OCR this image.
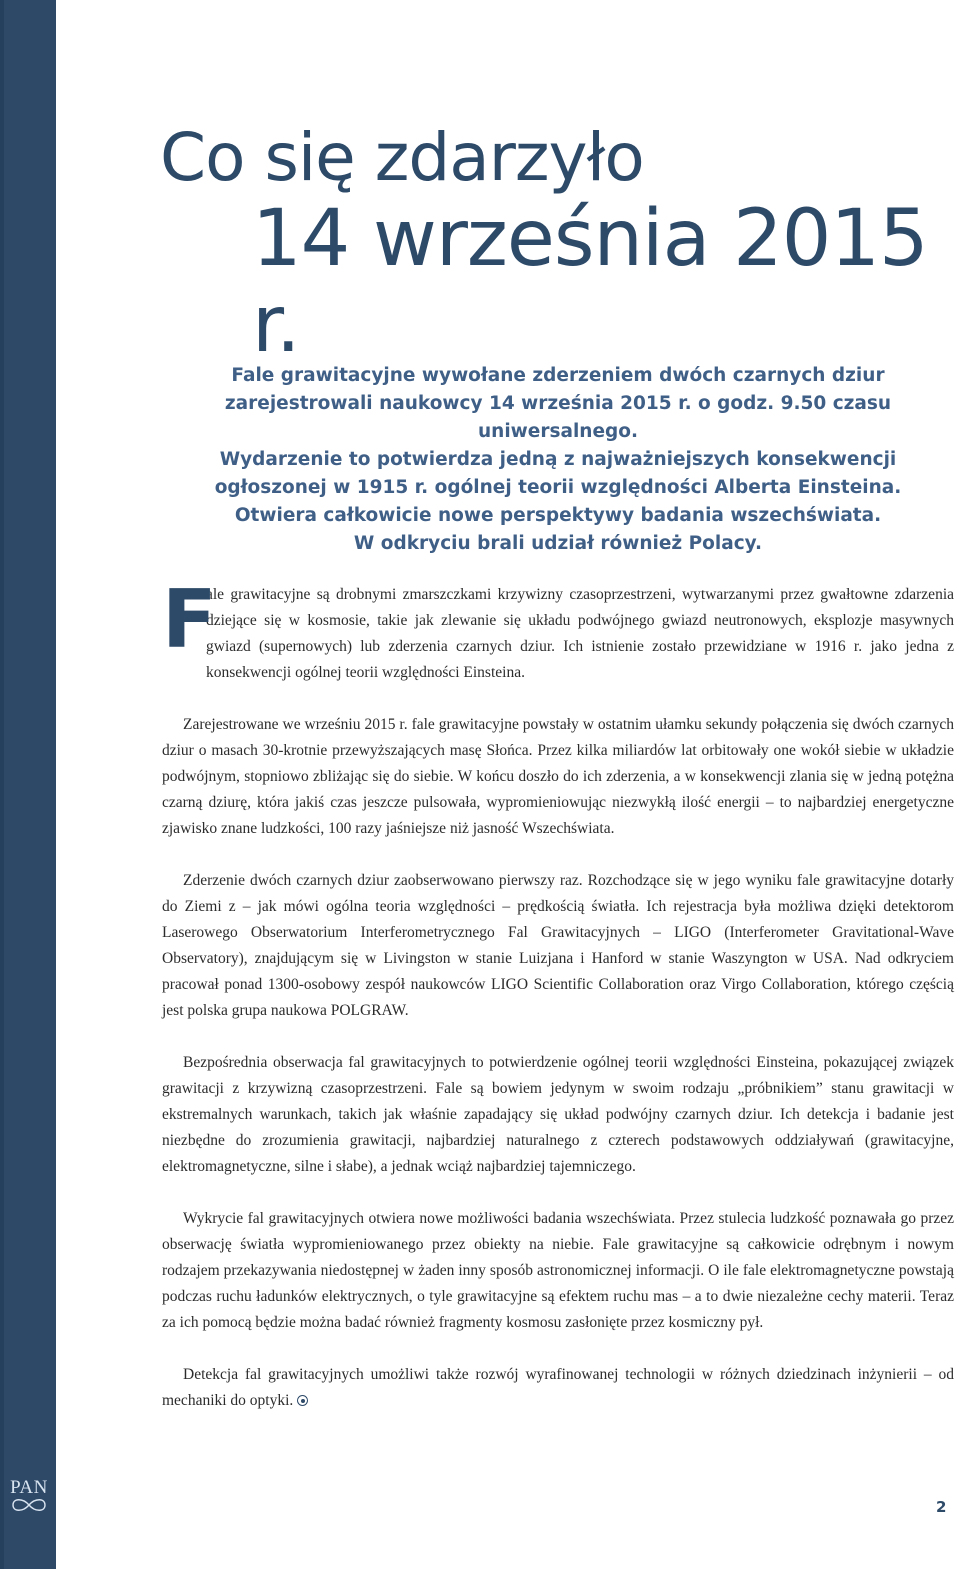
PAN
Co się zdarzyło
14 września 2015 r.

Fale grawitacyjne wywołane zderzeniem dwóch czarnych dziur
zarejestrowali naukowcy 14 września 2015 r. o godz. 9.50 czasu uniwersalnego.
Wydarzenie to potwierdza jedną z najważniejszych konsekwencji
ogłoszonej w 1915 r. ogólnej teorii względności Alberta Einsteina.
Otwiera całkowicie nowe perspektywy badania wszechświata.
W odkryciu brali udział również Polacy.

F
ale grawitacyjne są drobnymi zmarszczkami krzywizny czasoprzestrzeni, wytwarzanymi przez gwałtowne zdarzenia dziejące się w kosmosie, takie jak zlewanie się układu podwójnego gwiazd neutronowych, eksplozje masywnych gwiazd (supernowych) lub zderzenia czarnych dziur. Ich istnienie zostało przewidziane w 1916 r. jako jedna z konsekwencji ogólnej teorii względności Einsteina.

Zarejestrowane we wrześniu 2015 r. fale grawitacyjne powstały w ostatnim ułamku sekundy połączenia się dwóch czarnych dziur o masach 30-krotnie przewyższających masę Słońca. Przez kilka miliardów lat orbitowały one wokół siebie w układzie podwójnym, stopniowo zbliżając się do siebie. W końcu doszło do ich zderzenia, a w konsekwencji zlania się w jedną potężna czarną dziurę, która jakiś czas jeszcze pulsowała, wypromieniowując niezwykłą ilość energii – to najbardziej energetyczne zjawisko znane ludzkości, 100 razy jaśniejsze niż jasność Wszechświata.

Zderzenie dwóch czarnych dziur zaobserwowano pierwszy raz. Rozchodzące się w jego wyniku fale grawitacyjne dotarły do Ziemi z – jak mówi ogólna teoria względności – prędkością światła. Ich rejestracja była możliwa dzięki detektorom Laserowego Obserwatorium Interferometrycznego Fal Grawitacyjnych – LIGO (Interferometer Gravitational-Wave Observatory), znajdującym się w Livingston w stanie Luizjana i Hanford w stanie Waszyngton w USA. Nad odkryciem pracował ponad 1300-osobowy zespół naukowców LIGO Scientific Collaboration oraz Virgo Collaboration, którego częścią jest polska grupa naukowa POLGRAW.

Bezpośrednia obserwacja fal grawitacyjnych to potwierdzenie ogólnej teorii względności Einsteina, pokazującej związek grawitacji z krzywizną czasoprzestrzeni. Fale są bowiem jedynym w swoim rodzaju „próbnikiem” stanu grawitacji w ekstremalnych warunkach, takich jak właśnie zapadający się układ podwójny czarnych dziur. Ich detekcja i badanie jest niezbędne do zrozumienia grawitacji, najbardziej naturalnego z czterech podstawowych oddziaływań (grawitacyjne, elektromagnetyczne, silne i słabe), a jednak wciąż najbardziej tajemniczego.

Wykrycie fal grawitacyjnych otwiera nowe możliwości badania wszechświata. Przez stulecia ludzkość poznawała go przez obserwację światła wypromieniowanego przez obiekty na niebie. Fale grawitacyjne są całkowicie odrębnym i nowym rodzajem przekazywania niedostępnej w żaden inny sposób astronomicznej informacji. O ile fale elektromagnetyczne powstają podczas ruchu ładunków elektrycznych, o tyle grawitacyjne są efektem ruchu mas – a to dwie niezależne cechy materii. Teraz za ich pomocą będzie można badać również fragmenty kosmosu zasłonięte przez kosmiczny pył.

Detekcja fal grawitacyjnych umożliwi także rozwój wyrafinowanej technologii w różnych dziedzinach inżynierii – od mechaniki do optyki.

2
